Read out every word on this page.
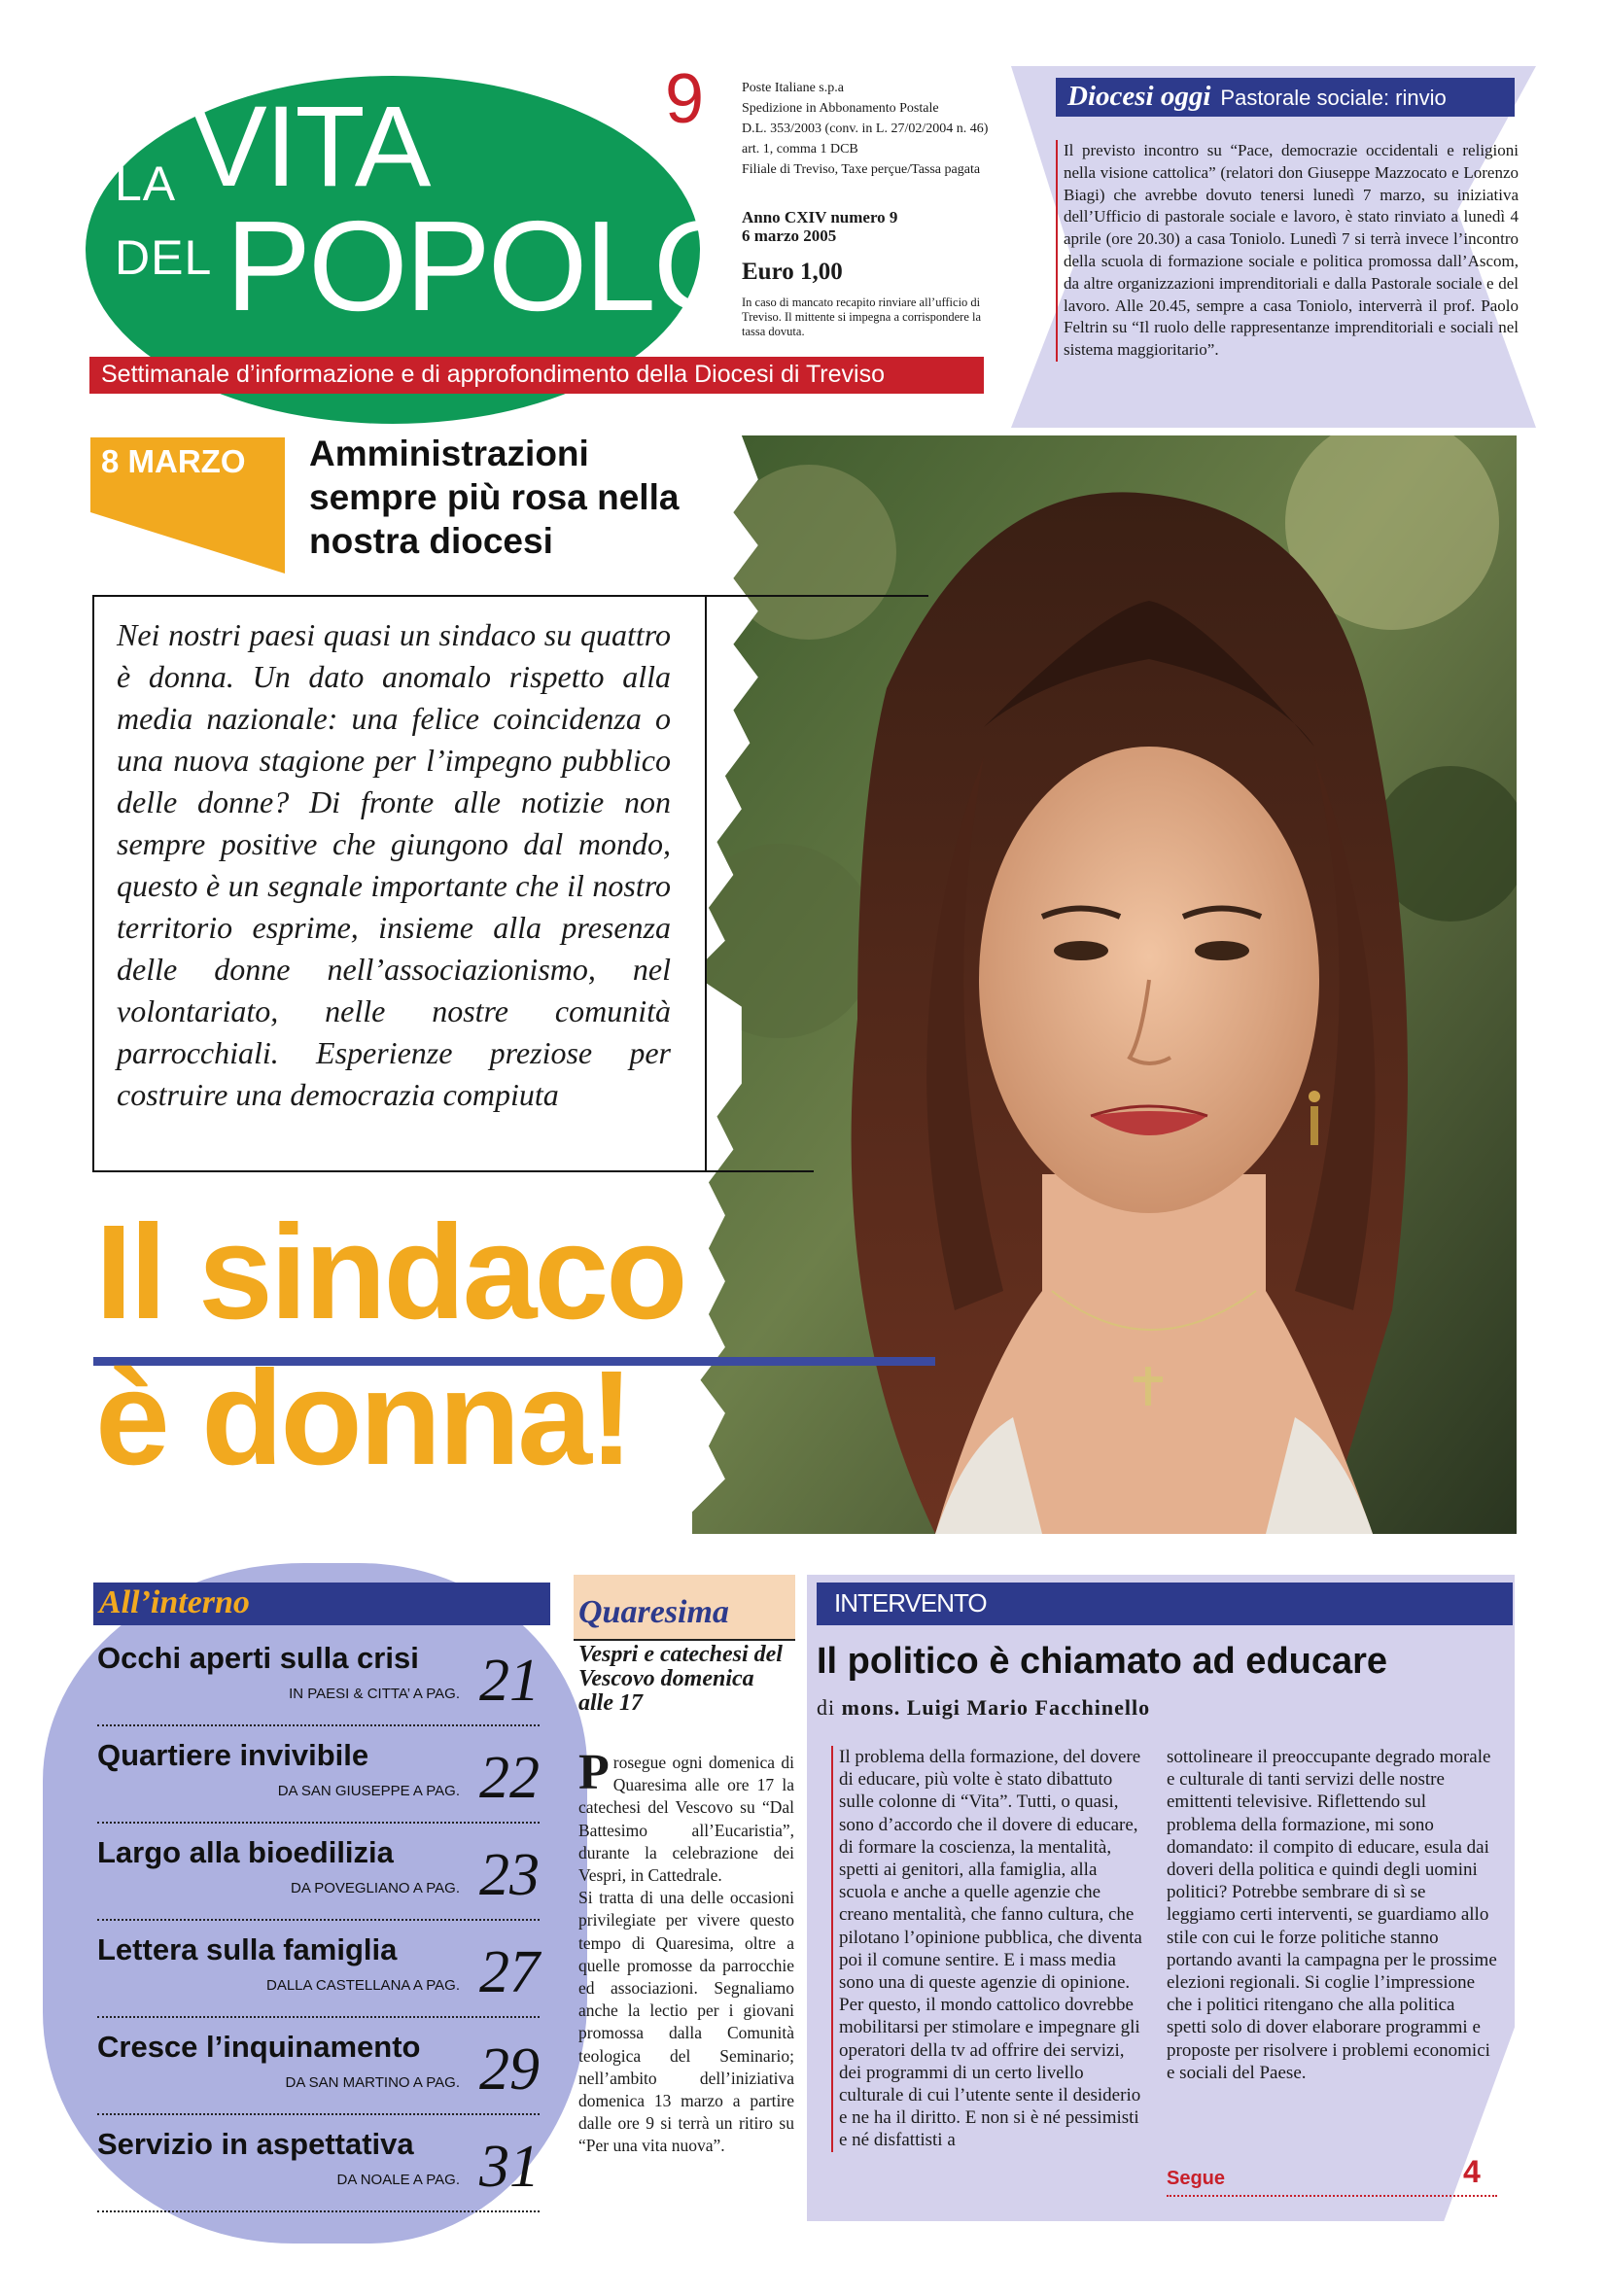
LA VITA
DEL POPOLO
Settimanale d’informazione e di approfondimento della Diocesi di Treviso
9	Poste Italiane s.p.a
Spedizione in Abbonamento Postale
D.L. 353/2003 (conv. in L. 27/02/2004 n. 46)
art. 1, comma 1 DCB
Filiale di Treviso, Taxe perçue/Tassa pagata
Anno CXIV numero 9
6 marzo 2005
Euro 1,00
In caso di mancato recapito rinviare all’ufficio di Treviso. Il mittente si impegna a corrispondere la tassa dovuta.
Diocesi oggi Pastorale sociale: rinvio
Il previsto incontro su “Pace, democrazie occidentali e religioni nella visione cattolica” (relatori don Giuseppe Mazzocato e Lorenzo Biagi) che avrebbe dovuto tenersi lunedì 7 marzo, su iniziativa dell’Ufficio di pastorale sociale e lavoro, è stato rinviato a lunedì 4 aprile (ore 20.30) a casa Toniolo. Lunedì 7 si terrà invece l’incontro della scuola di formazione sociale e politica promossa dall’Ascom, da altre organizzazioni imprenditoriali e dalla Pastorale sociale e del lavoro. Alle 20.45, sempre a casa Toniolo, interverrà il prof. Paolo Feltrin su “Il ruolo delle rappresentanze imprenditoriali e sociali nel sistema maggioritario”.
8 MARZO Amministrazioni sempre più rosa nella nostra diocesi
Nei nostri paesi quasi un sindaco su quattro è donna. Un dato anomalo rispetto alla media nazionale: una felice coincidenza o una nuova stagione per l’impegno pubblico delle donne? Di fronte alle notizie non sempre positive che giungono dal mondo, questo è un segnale importante che il nostro territorio esprime, insieme alla presenza delle donne nell’associazionismo, nel volontariato, nelle nostre comunità parrocchiali. Esperienze preziose per costruire una democrazia compiuta
Il sindaco
è donna!
All’interno
Occhi aperti sulla crisi
IN PAESI & CITTA’ A PAG. 21
Quartiere invivibile
DA SAN GIUSEPPE A PAG. 22
Largo alla bioedilizia
DA POVEGLIANO A PAG. 23
Lettera sulla famiglia
DALLA CASTELLANA A PAG. 27
Cresce l’inquinamento
DA SAN MARTINO A PAG. 29
Servizio in aspettativa
DA NOALE A PAG. 31
Quaresima
Vespri e catechesi del Vescovo domenica alle 17
Prosegue ogni domenica di Quaresima alle ore 17 la catechesi del Vescovo su “Dal Battesimo all’Eucaristia”, durante la celebrazione dei Vespri, in Cattedrale.
Si tratta di una delle occasioni privilegiate per vivere questo tempo di Quaresima, oltre a quelle promosse da parrocchie ed associazioni. Segnaliamo anche la lectio per i giovani promossa dalla Comunità teologica del Seminario; nell’ambito dell’iniziativa domenica 13 marzo a partire dalle ore 9 si terrà un ritiro su “Per una vita nuova”.
INTERVENTO
Il politico è chiamato ad educare
di mons. Luigi Mario Facchinello
Il problema della formazione, del dovere di educare, più volte è stato dibattuto sulle colonne di “Vita”. Tutti, o quasi, sono d’accordo che il dovere di educare, di formare la coscienza, la mentalità, spetti ai genitori, alla famiglia, alla scuola e anche a quelle agenzie che creano mentalità, che fanno cultura, che pilotano l’opinione pubblica, che diventa poi il comune sentire. E i mass media sono una di queste agenzie di opinione. Per questo, il mondo cattolico dovrebbe mobilitarsi per stimolare e impegnare gli operatori della tv ad offrire dei servizi, dei programmi di un certo livello culturale di cui l’utente sente il desiderio e ne ha il diritto. E non si è né pessimisti e né disfattisti a
sottolineare il preoccupante degrado morale e culturale di tanti servizi delle nostre emittenti televisive. Riflettendo sul problema della formazione, mi sono domandato: il compito di educare, esula dai doveri della politica e quindi degli uomini politici? Potrebbe sembrare di sì se leggiamo certi interventi, se guardiamo allo stile con cui le forze politiche stanno portando avanti la campagna per le prossime elezioni regionali. Si coglie l’impressione che i politici ritengano che alla politica spetti solo di dover elaborare programmi e proposte per risolvere i problemi economici e sociali del Paese.
Segue	4
